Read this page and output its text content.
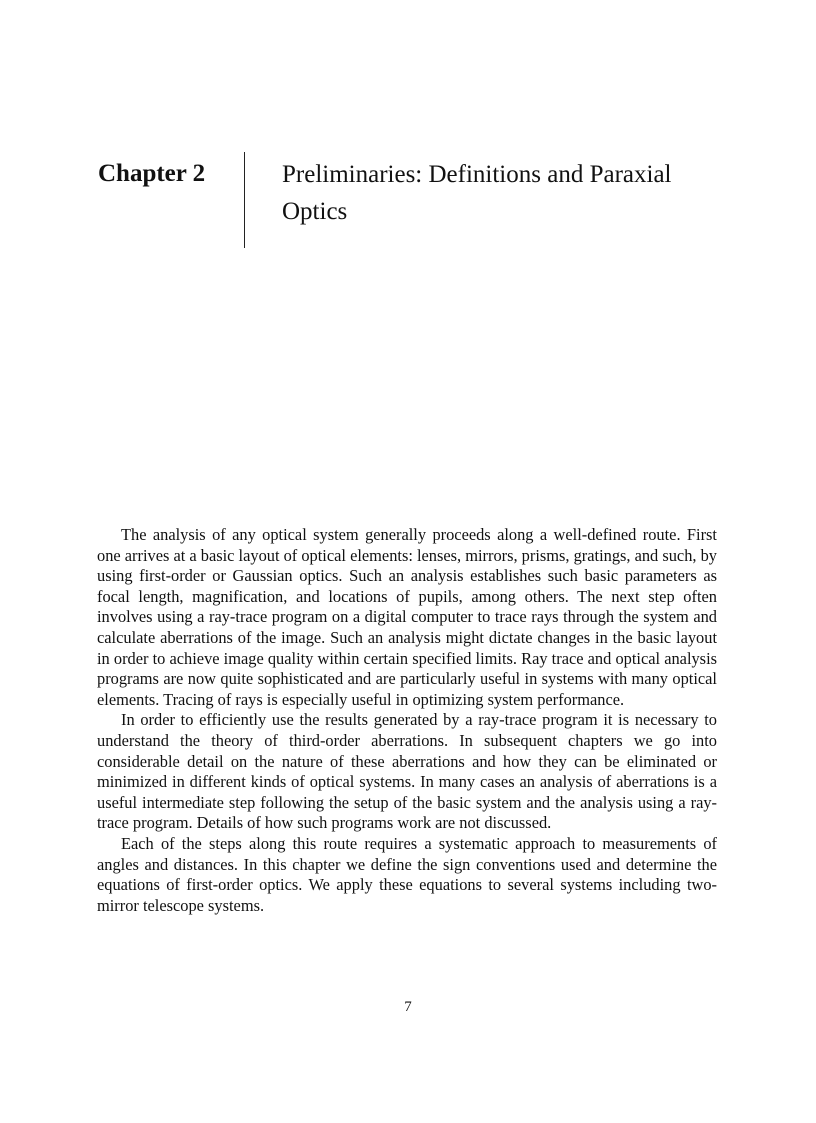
Chapter 2	Preliminaries: Definitions and Paraxial Optics

The analysis of any optical system generally proceeds along a well-defined route. First one arrives at a basic layout of optical elements: lenses, mirrors, prisms, gratings, and such, by using first-order or Gaussian optics. Such an analysis establishes such basic parameters as focal length, magnification, and locations of pupils, among others. The next step often involves using a ray-trace program on a digital computer to trace rays through the system and calculate aberrations of the image. Such an analysis might dictate changes in the basic layout in order to achieve image quality within certain specified limits. Ray trace and optical analysis programs are now quite sophisticated and are particularly useful in systems with many optical elements. Tracing of rays is especially useful in optimizing system performance.

In order to efficiently use the results generated by a ray-trace program it is necessary to understand the theory of third-order aberrations. In subsequent chapters we go into considerable detail on the nature of these aberrations and how they can be eliminated or minimized in different kinds of optical systems. In many cases an analysis of aberrations is a useful intermediate step following the setup of the basic system and the analysis using a ray-trace program. Details of how such programs work are not discussed.

Each of the steps along this route requires a systematic approach to measurements of angles and distances. In this chapter we define the sign conventions used and determine the equations of first-order optics. We apply these equations to several systems including two-mirror telescope systems.

7
